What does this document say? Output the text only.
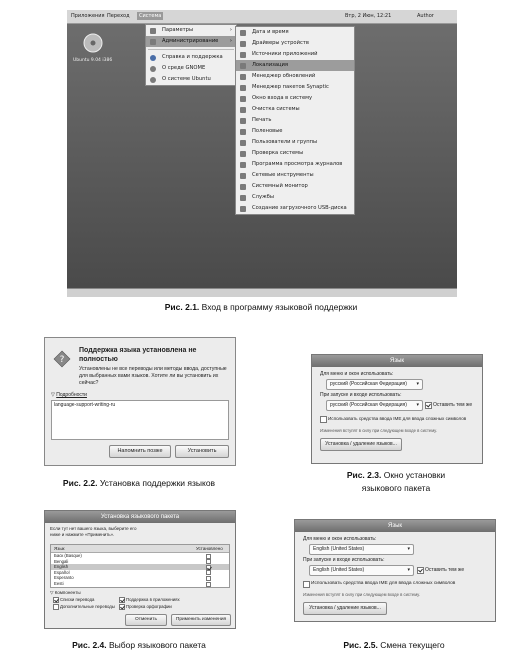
Приложения Переход	Система	Втр, 2 Июн, 12:21	Author
Ubuntu 9.04 i386
Параметры	›
Администрирование ›
Справка и поддержка
О среде GNOME
О системе Ubuntu
Дата и время
Драйверы устройств
Источники приложений
Локализация
Менеджер обновлений
Менеджер пакетов Synaptic
Окно входа в систему
Очистка системы
Печать
Поленовые
Пользователи и группы
Проверка системы
Программа просмотра журналов
Сетевые инструменты
Системный монитор
Службы
Создание загрузочного USB-диска
Рис. 2.1. Вход в программу языковой поддержки
?
Поддержка языка установлена не полностью
Установлены не все переводы или методы ввода, доступные для выбранных вами языков. Хотите ли вы установить их сейчас?
▽ Подробности
language-support-writing-ru
Напомнить позже	Установить
Рис. 2.2. Установка поддержки языков
Язык
Для меню и окон использовать:
русский (Российская Федерация) ▾
При запуске и входе использовать:
русский (Российская Федерация) ▾	Оставить тем же
Использовать средства ввода IME для ввода сложных символов
Изменения вступят в силу при следующем входе в систему.
Установка / удаление языков...
Рис. 2.3. Окно установки
языкового пакета
Установка языкового пакета
Если тут нет вашего языка, выберите его ниже и нажмите «Применить».
Язык	Установлено
Баск (Basque)
Bengali
English
Español
Esperanto
Eesti
▽ Компоненты
Списки перевода	Поддержка в приложениях
Дополнительные переводы	Проверка орфографии
Отменить	Применить изменения
Рис. 2.4. Выбор языкового пакета
Язык
Для меню и окон использовать:
English (United States)	▾
При запуске и входе использовать:
English (United States)	▾	Оставить тем же
Использовать средства ввода IME для ввода сложных символов
Изменения вступят в силу при следующем входе в систему.
Установка / удаление языков...
Рис. 2.5. Смена текущего
